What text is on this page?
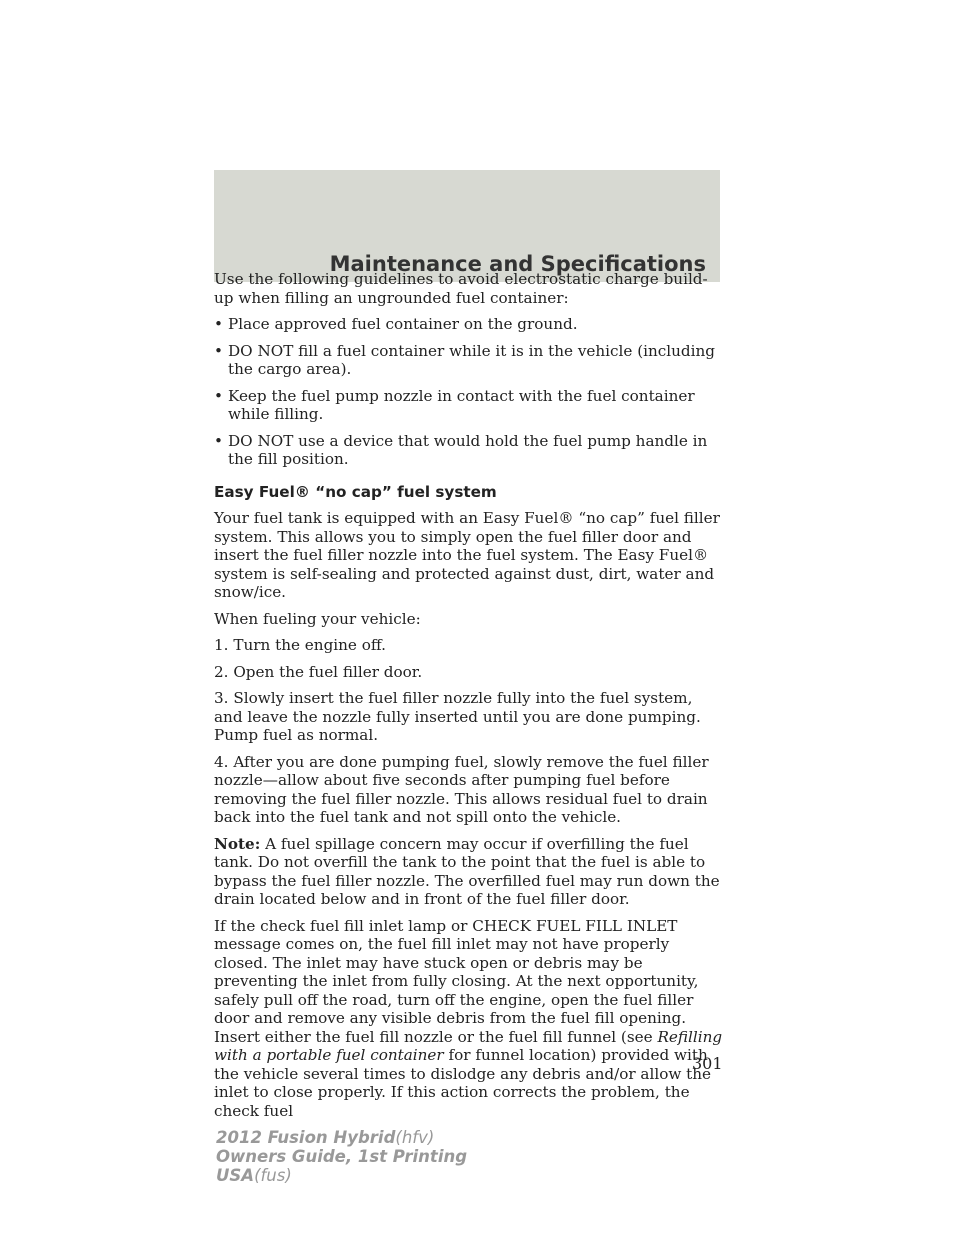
Maintenance and Specifications

Use the following guidelines to avoid electrostatic charge build-up when filling an ungrounded fuel container:

• Place approved fuel container on the ground.
• DO NOT fill a fuel container while it is in the vehicle (including the cargo area).
• Keep the fuel pump nozzle in contact with the fuel container while filling.
• DO NOT use a device that would hold the fuel pump handle in the fill position.
Easy Fuel® “no cap” fuel system

Your fuel tank is equipped with an Easy Fuel® “no cap” fuel filler system. This allows you to simply open the fuel filler door and insert the fuel filler nozzle into the fuel system. The Easy Fuel® system is self-sealing and protected against dust, dirt, water and snow/ice.

When fueling your vehicle:

1. Turn the engine off.

2. Open the fuel filler door.

3. Slowly insert the fuel filler nozzle fully into the fuel system, and leave the nozzle fully inserted until you are done pumping. Pump fuel as normal.

4. After you are done pumping fuel, slowly remove the fuel filler nozzle—allow about five seconds after pumping fuel before removing the fuel filler nozzle. This allows residual fuel to drain back into the fuel tank and not spill onto the vehicle.

Note: A fuel spillage concern may occur if overfilling the fuel tank. Do not overfill the tank to the point that the fuel is able to bypass the fuel filler nozzle. The overfilled fuel may run down the drain located below and in front of the fuel filler door.

If the check fuel fill inlet lamp or CHECK FUEL FILL INLET message comes on, the fuel fill inlet may not have properly closed. The inlet may have stuck open or debris may be preventing the inlet from fully closing. At the next opportunity, safely pull off the road, turn off the engine, open the fuel filler door and remove any visible debris from the fuel fill opening. Insert either the fuel fill nozzle or the fuel fill funnel (see Refilling with a portable fuel container for funnel location) provided with the vehicle several times to dislodge any debris and/or allow the inlet to close properly. If this action corrects the problem, the check fuel

301
2012 Fusion Hybrid(hfv)
Owners Guide, 1st Printing
USA(fus)
